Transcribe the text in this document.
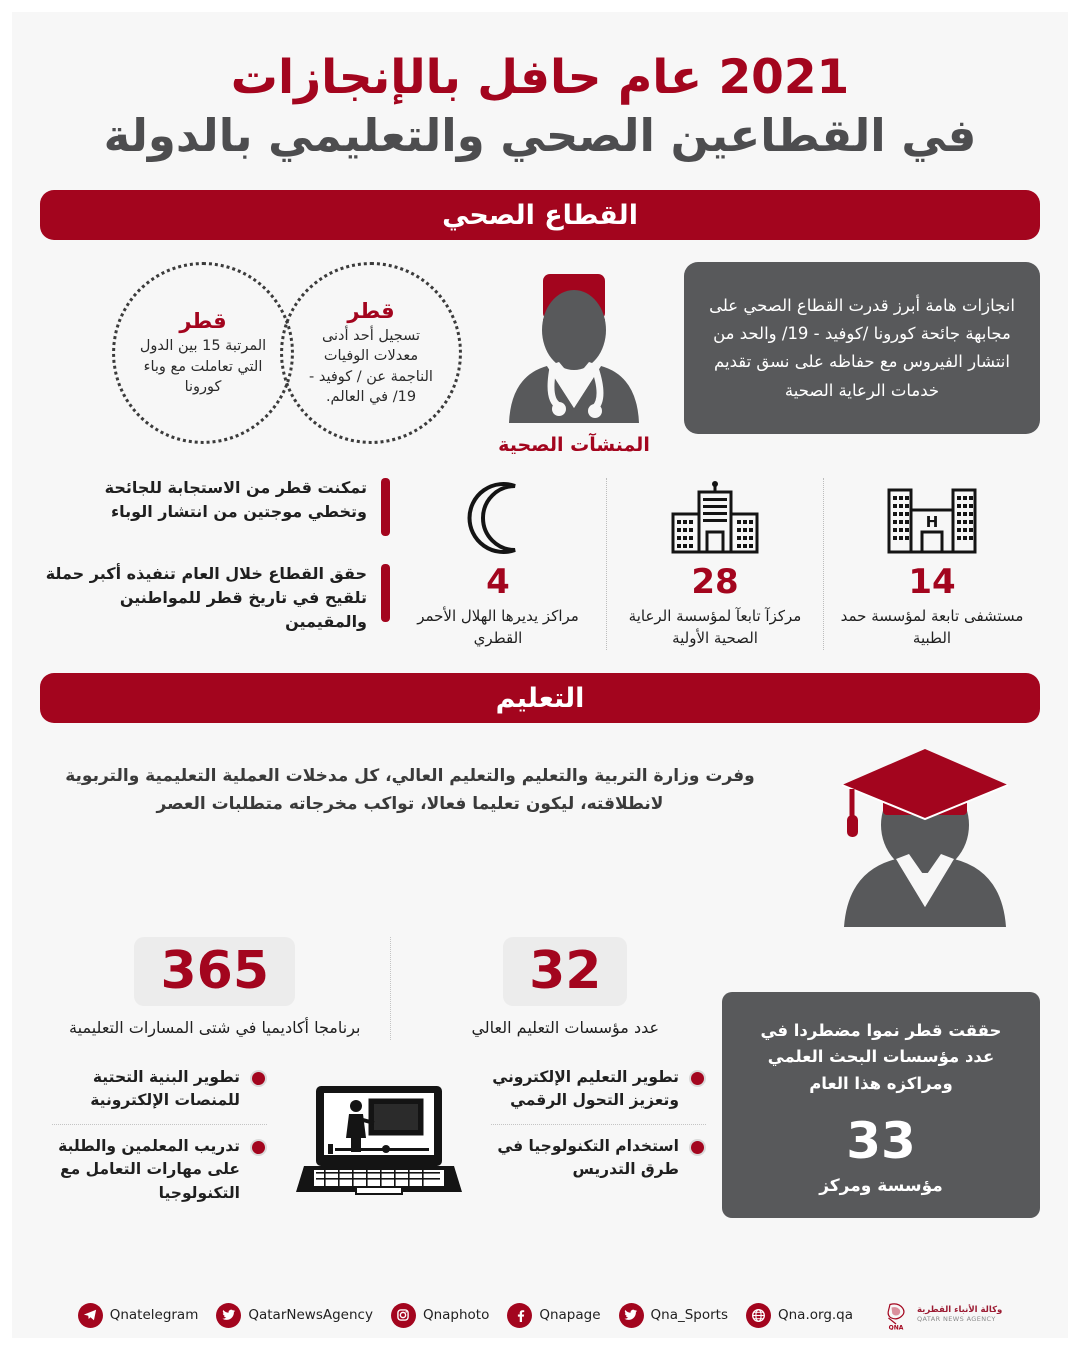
2021 عام حافل بالإنجازات
في القطاعين الصحي والتعليمي بالدولة
القطاع الصحي
انجازات هامة أبرز قدرت القطاع الصحي على مجابهة جائحة كورونا /كوفيد - 19/ والحد من انتشار الفيروس مع حفاظه على نسق تقديم خدمات الرعاية الصحية
المنشآت الصحية
قطر
تسجيل أحد أدنى معدلات الوفيات الناجمة عن / كوفيد - 19/ في العالم.
قطر
المرتبة 15 بين الدول التي تعاملت مع وباء كورونا
H
14
مستشفى تابعة لمؤسسة حمد الطبية
28
مركزآ تابعآ لمؤسسة الرعاية الصحية الأولية
4
مراكز يديرها الهلال الأحمر القطري
تمكنت قطر من الاستجابة للجائحة وتخطي موجتين من انتشار الوباء
حقق القطاع خلال العام تنفيذه أكبر حملة تلقيح في تاريخ قطر للمواطنين والمقيمين
التعليم
وفرت وزارة التربية والتعليم والتعليم العالي، كل مدخلات العملية التعليمية والتربوية لانطلاقته، ليكون تعليما فعالا، تواكب مخرجاته متطلبات العصر
32
عدد مؤسسات التعليم العالي
365
برنامجا أكاديميا في شتى المسارات التعليمية	حققت قطر نموا مضطردا في عدد مؤسسات البحث العلمي ومراكزه هذا العام
33
مؤسسة ومركز
تطوير التعليم الإلكتروني وتعزيز التحول الرقمي
استخدام التكنولوجيا في طرق التدريس
تطوير البنية التحتية للمنصات الإلكترونية
تدريب المعلمين والطلبة على مهارات التعامل مع التكنولوجيا
Qnatelegram	QatarNewsAgency	Qnaphoto	Qnapage	Qna_Sports	Qna.org.qa
QNA
وكالة الأنباء القطرية
QATAR NEWS AGENCY
